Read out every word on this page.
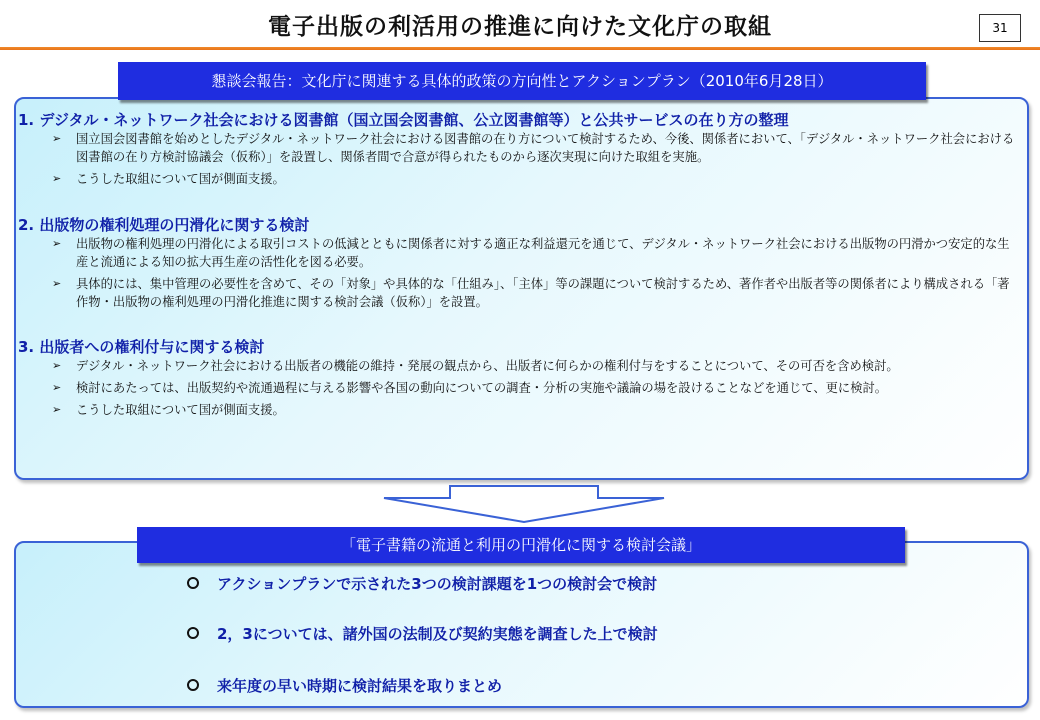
電子出版の利活用の推進に向けた文化庁の取組	31
懇談会報告：文化庁に関連する具体的政策の方向性とアクションプラン（2010年6月28日）
1. デジタル・ネットワーク社会における図書館（国立国会図書館、公立図書館等）と公共サービスの在り方の整理
➢ 国立国会図書館を始めとしたデジタル・ネットワーク社会における図書館の在り方について検討するため、今後、関係者において、「デジタル・ネットワーク社会における図書館の在り方検討協議会（仮称）」を設置し、関係者間で合意が得られたものから逐次実現に向けた取組を実施。
➢ こうした取組について国が側面支援。
2. 出版物の権利処理の円滑化に関する検討
➢ 出版物の権利処理の円滑化による取引コストの低減とともに関係者に対する適正な利益還元を通じて、デジタル・ネットワーク社会における出版物の円滑かつ安定的な生産と流通による知の拡大再生産の活性化を図る必要。
➢ 具体的には、集中管理の必要性を含めて、その「対象」や具体的な「仕組み」、「主体」等の課題について検討するため、著作者や出版者等の関係者により構成される「著作物・出版物の権利処理の円滑化推進に関する検討会議（仮称）」を設置。
3. 出版者への権利付与に関する検討
➢ デジタル・ネットワーク社会における出版者の機能の維持・発展の観点から、出版者に何らかの権利付与をすることについて、その可否を含め検討。
➢ 検討にあたっては、出版契約や流通過程に与える影響や各国の動向についての調査・分析の実施や議論の場を設けることなどを通じて、更に検討。
➢ こうした取組について国が側面支援。
「電子書籍の流通と利用の円滑化に関する検討会議」
アクションプランで示された3つの検討課題を1つの検討会で検討
2，3については、諸外国の法制及び契約実態を調査した上で検討
来年度の早い時期に検討結果を取りまとめ
